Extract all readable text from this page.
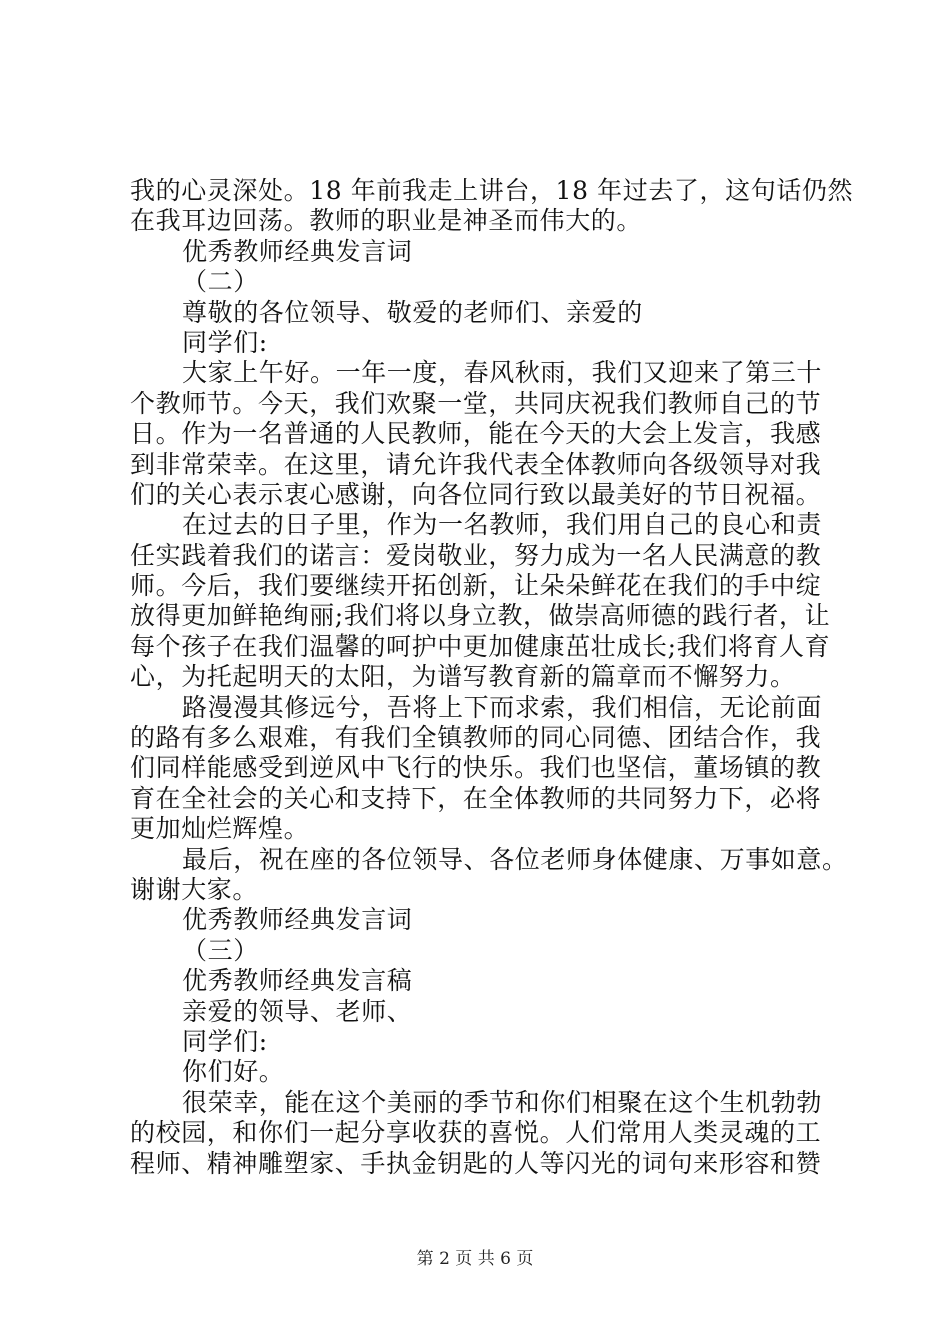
我的心灵深处。18 年前我走上讲台，18 年过去了，这句话仍然
在我耳边回荡。教师的职业是神圣而伟大的。
优秀教师经典发言词
（二）
尊敬的各位领导、敬爱的老师们、亲爱的
同学们:
大家上午好。一年一度，春风秋雨，我们又迎来了第三十
个教师节。今天，我们欢聚一堂，共同庆祝我们教师自己的节
日。作为一名普通的人民教师，能在今天的大会上发言，我感
到非常荣幸。在这里，请允许我代表全体教师向各级领导对我
们的关心表示衷心感谢，向各位同行致以最美好的节日祝福。
在过去的日子里，作为一名教师，我们用自己的良心和责
任实践着我们的诺言：爱岗敬业，努力成为一名人民满意的教
师。今后，我们要继续开拓创新，让朵朵鲜花在我们的手中绽
放得更加鲜艳绚丽;我们将以身立教，做崇高师德的践行者，让
每个孩子在我们温馨的呵护中更加健康茁壮成长;我们将育人育
心，为托起明天的太阳，为谱写教育新的篇章而不懈努力。
路漫漫其修远兮，吾将上下而求索，我们相信，无论前面
的路有多么艰难，有我们全镇教师的同心同德、团结合作，我
们同样能感受到逆风中飞行的快乐。我们也坚信，董场镇的教
育在全社会的关心和支持下，在全体教师的共同努力下，必将
更加灿烂辉煌。
最后，祝在座的各位领导、各位老师身体健康、万事如意。
谢谢大家。
优秀教师经典发言词
（三）
优秀教师经典发言稿
亲爱的领导、老师、
同学们:
你们好。
很荣幸，能在这个美丽的季节和你们相聚在这个生机勃勃
的校园，和你们一起分享收获的喜悦。人们常用人类灵魂的工
程师、精神雕塑家、手执金钥匙的人等闪光的词句来形容和赞
第 2 页 共 6 页
